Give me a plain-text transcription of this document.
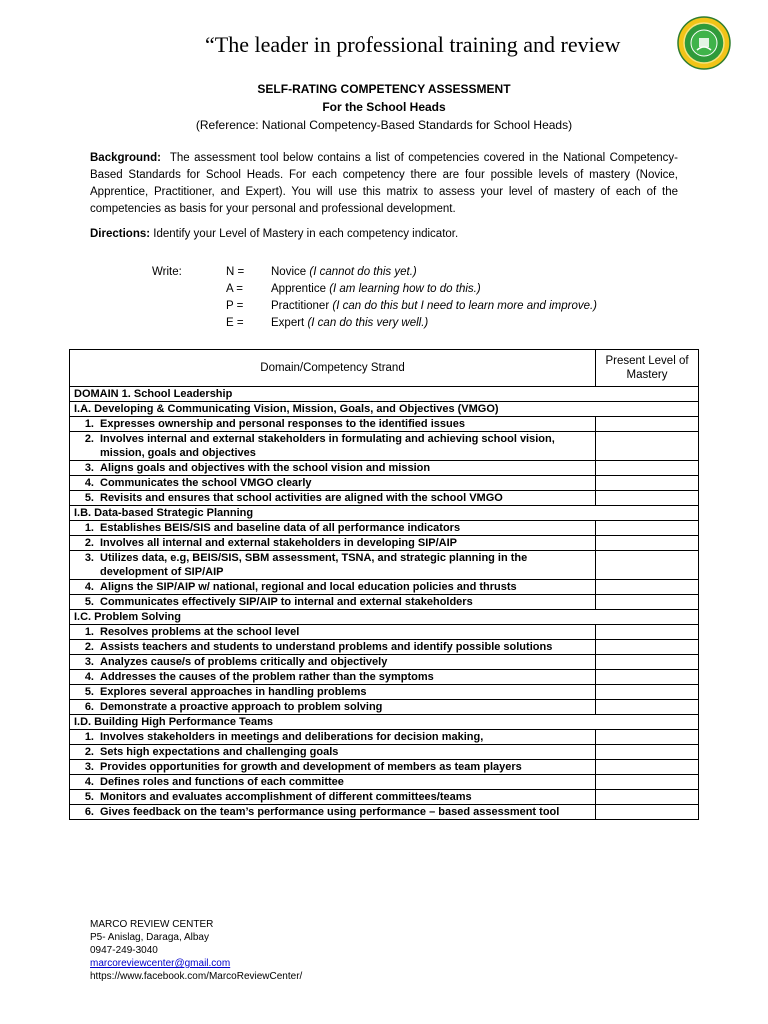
“The leader in professional training and review
SELF-RATING COMPETENCY ASSESSMENT
For the School Heads
(Reference: National Competency-Based Standards for School Heads)
Background: The assessment tool below contains a list of competencies covered in the National Competency-Based Standards for School Heads. For each competency there are four possible levels of mastery (Novice, Apprentice, Practitioner, and Expert). You will use this matrix to assess your level of mastery of each of the competencies as basis for your personal and professional development.
Directions: Identify your Level of Mastery in each competency indicator.
Write:	N = Novice (I cannot do this yet.)
A = Apprentice (I am learning how to do this.)
P = Practitioner (I can do this but I need to learn more and improve.)
E = Expert (I can do this very well.)
Domain/Competency Strand	Present Level of Mastery
DOMAIN 1. School Leadership	
I.A. Developing & Communicating Vision, Mission, Goals, and Objectives (VMGO)	

1. Expresses ownership and personal responses to the identified issues	

2. Involves internal and external stakeholders in formulating and achieving school vision, mission, goals and objectives	

3. Aligns goals and objectives with the school vision and mission	

4. Communicates the school VMGO clearly	

5. Revisits and ensures that school activities are aligned with the school VMGO	

I.B. Data-based Strategic Planning	

1. Establishes BEIS/SIS and baseline data of all performance indicators	

2. Involves all internal and external stakeholders in developing SIP/AIP	

3. Utilizes data, e.g, BEIS/SIS, SBM assessment, TSNA, and strategic planning in the development of SIP/AIP	

4. Aligns the SIP/AIP w/ national, regional and local education policies and thrusts	

5. Communicates effectively SIP/AIP to internal and external stakeholders	

I.C. Problem Solving	

1. Resolves problems at the school level	

2. Assists teachers and students to understand problems and identify possible solutions	

3. Analyzes cause/s of problems critically and objectively	

4. Addresses the causes of the problem rather than the symptoms	

5. Explores several approaches in handling problems	

6. Demonstrate a proactive approach to problem solving	

I.D. Building High Performance Teams	

1. Involves stakeholders in meetings and deliberations for decision making,	

2. Sets high expectations and challenging goals	

3. Provides opportunities for growth and development of members as team players	

4. Defines roles and functions of each committee	

5. Monitors and evaluates accomplishment of different committees/teams	

6. Gives feedback on the team’s performance using performance – based assessment tool	

MARCO REVIEW CENTER
P5- Anislag, Daraga, Albay
0947-249-3040
marcoreviewcenter@gmail.com
https://www.facebook.com/MarcoReviewCenter/
